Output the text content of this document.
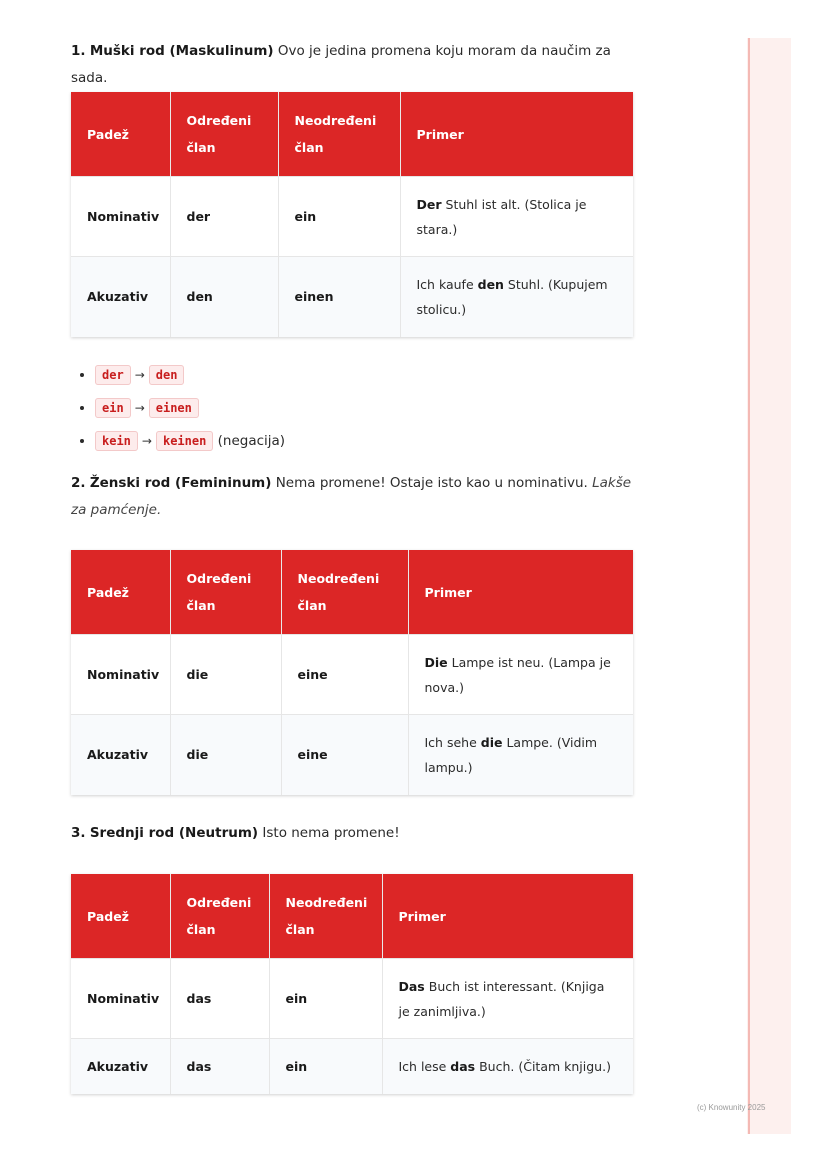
1. Muški rod (Maskulinum) Ovo je jedina promena koju moram da naučim za sada.
Padež	Određeni član	Neodređeni član	Primer
Nominativ	der	ein	Der Stuhl ist alt. (Stolica je stara.)
Akuzativ	den	einen	Ich kaufe den Stuhl. (Kupujem stolicu.)
• der → den
• ein → einen
• kein → keinen (negacija)
2. Ženski rod (Femininum) Nema promene! Ostaje isto kao u nominativu. Lakše za pamćenje.
Padež	Određeni član	Neodređeni član	Primer
Nominativ	die	eine	Die Lampe ist neu. (Lampa je nova.)
Akuzativ	die	eine	Ich sehe die Lampe. (Vidim lampu.)
3. Srednji rod (Neutrum) Isto nema promene!
Padež	Određeni član	Neodređeni član	Primer
Nominativ	das	ein	Das Buch ist interessant. (Knjiga je zanimljiva.)
Akuzativ	das	ein	Ich lese das Buch. (Čitam knjigu.)
(c) Knowunity 2025
